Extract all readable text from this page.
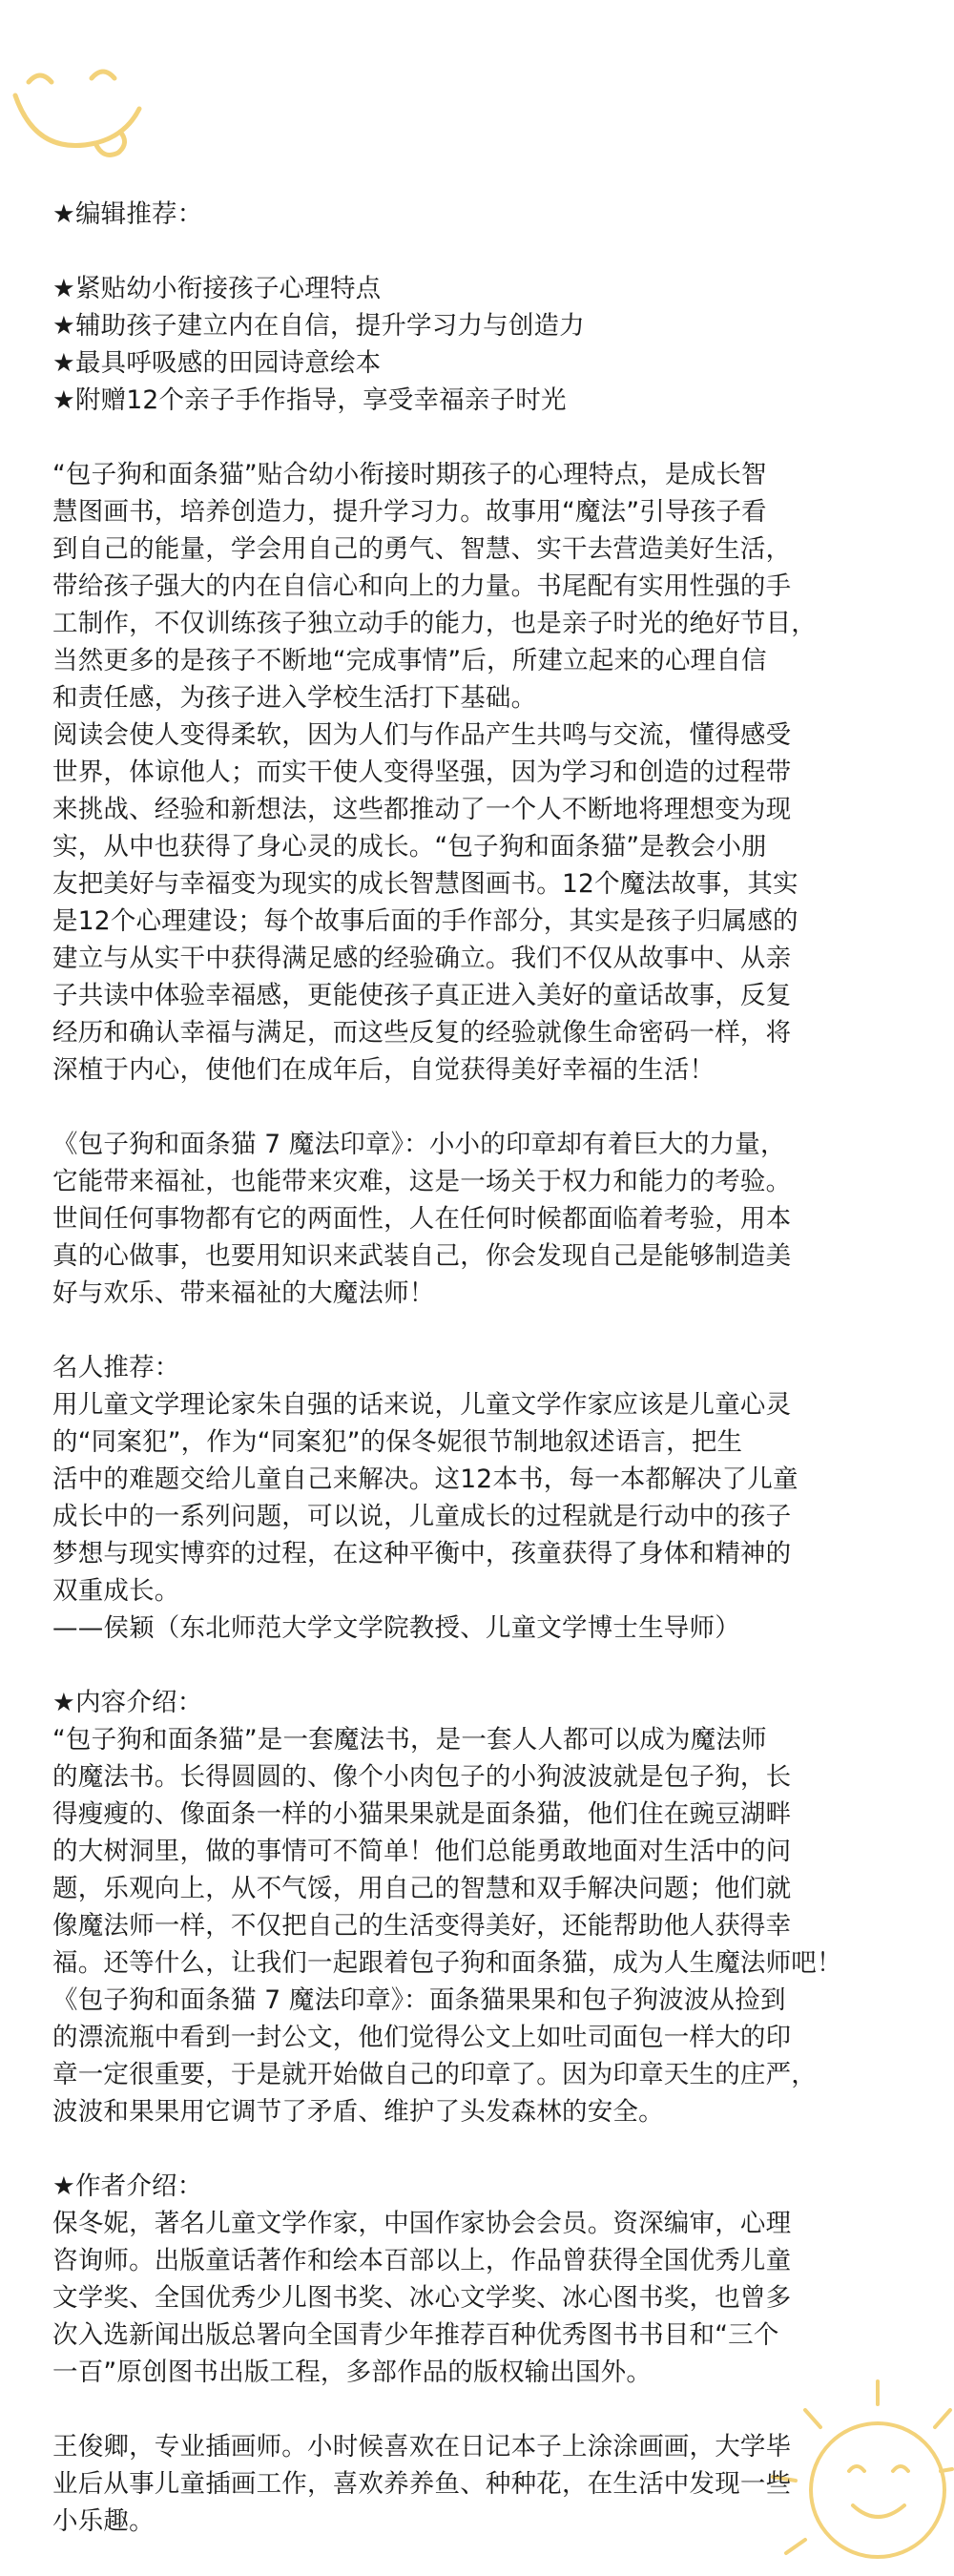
★编辑推荐：
★紧贴幼小衔接孩子心理特点
★辅助孩子建立内在自信，提升学习力与创造力
★最具呼吸感的田园诗意绘本
★附赠12个亲子手作指导，享受幸福亲子时光
“包子狗和面条猫”贴合幼小衔接时期孩子的心理特点，是成长智
慧图画书，培养创造力，提升学习力。故事用“魔法”引导孩子看
到自己的能量，学会用自己的勇气、智慧、实干去营造美好生活，
带给孩子强大的内在自信心和向上的力量。书尾配有实用性强的手
工制作，不仅训练孩子独立动手的能力，也是亲子时光的绝好节目，
当然更多的是孩子不断地“完成事情”后，所建立起来的心理自信
和责任感，为孩子进入学校生活打下基础。
阅读会使人变得柔软，因为人们与作品产生共鸣与交流，懂得感受
世界，体谅他人；而实干使人变得坚强，因为学习和创造的过程带
来挑战、经验和新想法，这些都推动了一个人不断地将理想变为现
实，从中也获得了身心灵的成长。“包子狗和面条猫”是教会小朋
友把美好与幸福变为现实的成长智慧图画书。12个魔法故事，其实
是12个心理建设；每个故事后面的手作部分，其实是孩子归属感的
建立与从实干中获得满足感的经验确立。我们不仅从故事中、从亲
子共读中体验幸福感，更能使孩子真正进入美好的童话故事，反复
经历和确认幸福与满足，而这些反复的经验就像生命密码一样，将
深植于内心，使他们在成年后，自觉获得美好幸福的生活！
《包子狗和面条猫 7 魔法印章》：小小的印章却有着巨大的力量，
它能带来福祉，也能带来灾难，这是一场关于权力和能力的考验。
世间任何事物都有它的两面性，人在任何时候都面临着考验，用本
真的心做事，也要用知识来武装自己，你会发现自己是能够制造美
好与欢乐、带来福祉的大魔法师！
名人推荐：
用儿童文学理论家朱自强的话来说，儿童文学作家应该是儿童心灵
的“同案犯”，作为“同案犯”的保冬妮很节制地叙述语言，把生
活中的难题交给儿童自己来解决。这12本书，每一本都解决了儿童
成长中的一系列问题，可以说，儿童成长的过程就是行动中的孩子
梦想与现实博弈的过程，在这种平衡中，孩童获得了身体和精神的
双重成长。
——侯颖（东北师范大学文学院教授、儿童文学博士生导师）
★内容介绍：
“包子狗和面条猫”是一套魔法书，是一套人人都可以成为魔法师
的魔法书。长得圆圆的、像个小肉包子的小狗波波就是包子狗，长
得瘦瘦的、像面条一样的小猫果果就是面条猫，他们住在豌豆湖畔
的大树洞里，做的事情可不简单！他们总能勇敢地面对生活中的问
题，乐观向上，从不气馁，用自己的智慧和双手解决问题；他们就
像魔法师一样，不仅把自己的生活变得美好，还能帮助他人获得幸
福。还等什么，让我们一起跟着包子狗和面条猫，成为人生魔法师吧！
《包子狗和面条猫 7 魔法印章》：面条猫果果和包子狗波波从捡到
的漂流瓶中看到一封公文，他们觉得公文上如吐司面包一样大的印
章一定很重要，于是就开始做自己的印章了。因为印章天生的庄严，
波波和果果用它调节了矛盾、维护了头发森林的安全。
★作者介绍：
保冬妮，著名儿童文学作家，中国作家协会会员。资深编审，心理
咨询师。出版童话著作和绘本百部以上，作品曾获得全国优秀儿童
文学奖、全国优秀少儿图书奖、冰心文学奖、冰心图书奖，也曾多
次入选新闻出版总署向全国青少年推荐百种优秀图书书目和“三个
一百”原创图书出版工程，多部作品的版权输出国外。
王俊卿，专业插画师。小时候喜欢在日记本子上涂涂画画，大学毕
业后从事儿童插画工作，喜欢养养鱼、种种花，在生活中发现一些
小乐趣。
